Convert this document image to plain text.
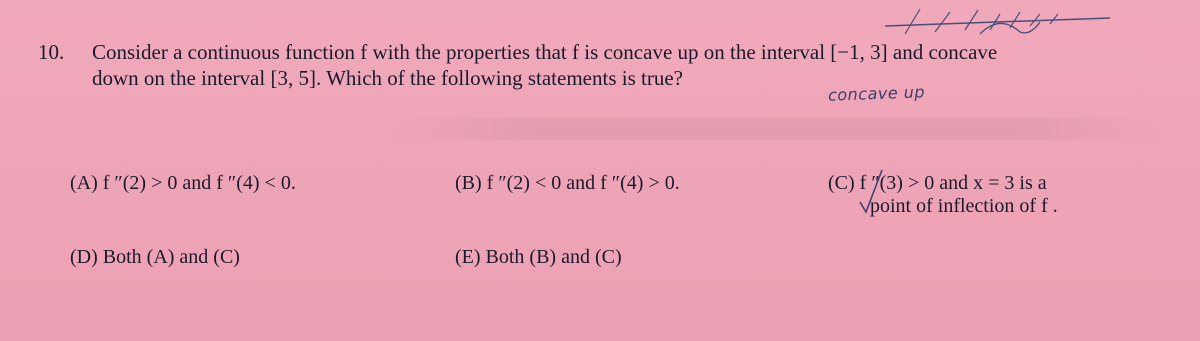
10. Consider a continuous function f with the properties that f is concave up on the interval [−1, 3] and concave
down on the interval [3, 5]. Which of the following statements is true?
concave up
(A) f ″(2) > 0 and f ″(4) < 0.	(B) f ″(2) < 0 and f ″(4) > 0.	(C) f ″(3) > 0 and x = 3 is a
point of inflection of f .
(D) Both (A) and (C)	(E) Both (B) and (C)
